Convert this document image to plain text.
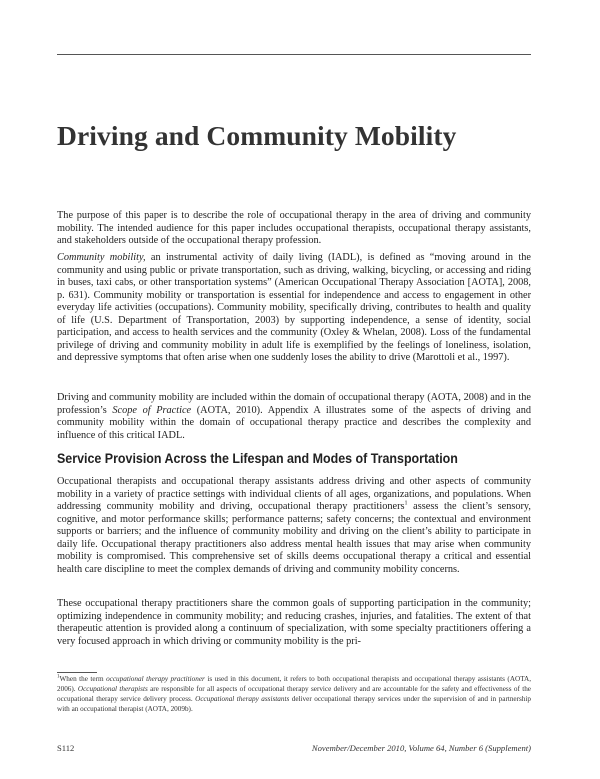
Driving and Community Mobility

The purpose of this paper is to describe the role of occupational therapy in the area of driving and community mobility. The intended audience for this paper includes occupational therapists, occupational therapy assistants, and stakeholders outside of the occupational therapy profession.

Community mobility, an instrumental activity of daily living (IADL), is defined as “moving around in the community and using public or private transportation, such as driving, walking, bicycling, or accessing and riding in buses, taxi cabs, or other transportation systems” (American Occupational Therapy Association [AOTA], 2008, p. 631). Community mobility or transportation is essential for independence and access to engagement in other everyday life activities (occupations). Community mobility, specifically driving, contributes to health and quality of life (U.S. Department of Transportation, 2003) by supporting independence, a sense of identity, social participation, and access to health services and the community (Oxley & Whelan, 2008). Loss of the fundamental privilege of driving and community mobility in adult life is exemplified by the feelings of loneliness, isolation, and depressive symptoms that often arise when one suddenly loses the ability to drive (Marottoli et al., 1997).

Driving and community mobility are included within the domain of occupational therapy (AOTA, 2008) and in the profession’s Scope of Practice (AOTA, 2010). Appendix A illustrates some of the aspects of driving and community mobility within the domain of occupational therapy practice and describes the complexity and influence of this critical IADL.

Service Provision Across the Lifespan and Modes of Transportation

Occupational therapists and occupational therapy assistants address driving and other aspects of community mobility in a variety of practice settings with individual clients of all ages, organizations, and populations. When addressing community mobility and driving, occupational therapy practitioners$^1$ assess the client’s sensory, cognitive, and motor performance skills; performance patterns; safety concerns; the contextual and environment supports or barriers; and the influence of community mobility and driving on the client’s ability to participate in daily life. Occupational therapy practitioners also address mental health issues that may arise when community mobility is compromised. This comprehensive set of skills deems occupational therapy a critical and essential health care discipline to meet the complex demands of driving and community mobility concerns.

These occupational therapy practitioners share the common goals of supporting participation in the community; optimizing independence in community mobility; and reducing crashes, injuries, and fatalities. The extent of that therapeutic attention is provided along a continuum of specialization, with some specialty practitioners offering a very focused approach in which driving or community mobility is the pri-

$^1$When the term occupational therapy practitioner is used in this document, it refers to both occupational therapists and occupational therapy assistants (AOTA, 2006). Occupational therapists are responsible for all aspects of occupational therapy service delivery and are accountable for the safety and effectiveness of the occupational therapy service delivery process. Occupational therapy assistants deliver occupational therapy services under the supervision of and in partnership with an occupational therapist (AOTA, 2009b).

S112	November/December 2010, Volume 64, Number 6 (Supplement)
